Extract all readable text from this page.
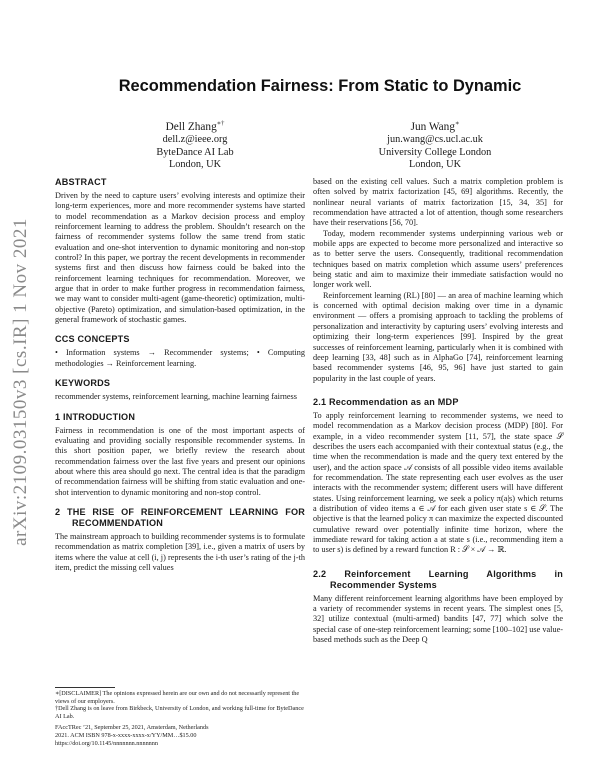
arXiv:2109.03150v3 [cs.IR] 1 Nov 2021
Recommendation Fairness: From Static to Dynamic
Dell Zhang∗†
dell.z@ieee.org
ByteDance AI Lab
London, UK
Jun Wang∗
jun.wang@cs.ucl.ac.uk
University College London
London, UK
ABSTRACT

Driven by the need to capture users’ evolving interests and optimize their long-term experiences, more and more recommender systems have started to model recommendation as a Markov decision process and employ reinforcement learning to address the problem. Shouldn’t research on the fairness of recommender systems follow the same trend from static evaluation and one-shot intervention to dynamic monitoring and non-stop control? In this paper, we portray the recent developments in recommender systems first and then discuss how fairness could be baked into the reinforcement learning techniques for recommendation. Moreover, we argue that in order to make further progress in recommendation fairness, we may want to consider multi-agent (game-theoretic) optimization, multi-objective (Pareto) optimization, and simulation-based optimization, in the general framework of stochastic games.

CCS CONCEPTS

• Information systems → Recommender systems; • Computing methodologies → Reinforcement learning.

KEYWORDS

recommender systems, reinforcement learning, machine learning fairness

1 INTRODUCTION

Fairness in recommendation is one of the most important aspects of evaluating and providing socially responsible recommender systems. In this short position paper, we briefly review the research about recommendation fairness over the last five years and present our opinions about where this area should go next. The central idea is that the paradigm of recommendation fairness will be shifting from static evaluation and one-shot intervention to dynamic monitoring and non-stop control.

2 THE RISE OF REINFORCEMENT LEARNING FOR RECOMMENDATION

The mainstream approach to building recommender systems is to formulate recommendation as matrix completion [39], i.e., given a matrix of users by items where the value at cell (i, j) represents the i-th user’s rating of the j-th item, predict the missing cell values

∗[DISCLAIMER] The opinions expressed herein are our own and do not necessarily represent the views of our employers.
†Dell Zhang is on leave from Birkbeck, University of London, and working full-time for ByteDance AI Lab.
FAccTRec ’21, September 25, 2021, Amsterdam, Netherlands
2021. ACM ISBN 978-x-xxxx-xxxx-x/YY/MM…$15.00
https://doi.org/10.1145/nnnnnnn.nnnnnnn

based on the existing cell values. Such a matrix completion problem is often solved by matrix factorization [45, 69] algorithms. Recently, the nonlinear neural variants of matrix factorization [15, 34, 35] for recommendation have attracted a lot of attention, though some researchers have their reservations [56, 70].

Today, modern recommender systems underpinning various web or mobile apps are expected to become more personalized and interactive so as to better serve the users. Consequently, traditional recommendation techniques based on matrix completion which assume users’ preferences being static and aim to maximize their immediate satisfaction would no longer work well.

Reinforcement learning (RL) [80] — an area of machine learning which is concerned with optimal decision making over time in a dynamic environment — offers a promising approach to tackling the problems of personalization and interactivity by capturing users’ evolving interests and optimizing their long-term experiences [99]. Inspired by the great successes of reinforcement learning, particularly when it is combined with deep learning [33, 48] such as in AlphaGo [74], reinforcement learning based recommender systems [46, 95, 96] have just started to gain popularity in the last couple of years.

2.1 Recommendation as an MDP

To apply reinforcement learning to recommender systems, we need to model recommendation as a Markov decision process (MDP) [80]. For example, in a video recommender system [11, 57], the state space 𝒮 describes the users each accompanied with their contextual status (e.g., the time when the recommendation is made and the query text entered by the user), and the action space 𝒜 consists of all possible video items available for recommendation. The state representing each user evolves as the user interacts with the recommender system; different users will have different states. Using reinforcement learning, we seek a policy π(a|s) which returns a distribution of video items a ∈ 𝒜 for each given user state s ∈ 𝒮. The objective is that the learned policy π can maximize the expected discounted cumulative reward over potentially infinite time horizon, where the immediate reward for taking action a at state s (i.e., recommending item a to user s) is defined by a reward function R : 𝒮 × 𝒜 → ℝ.

2.2 Reinforcement Learning Algorithms in Recommender Systems

Many different reinforcement learning algorithms have been employed by a variety of recommender systems in recent years. The simplest ones [5, 32] utilize contextual (multi-armed) bandits [47, 77] which solve the special case of one-step reinforcement learning; some [100–102] use value-based methods such as the Deep Q
